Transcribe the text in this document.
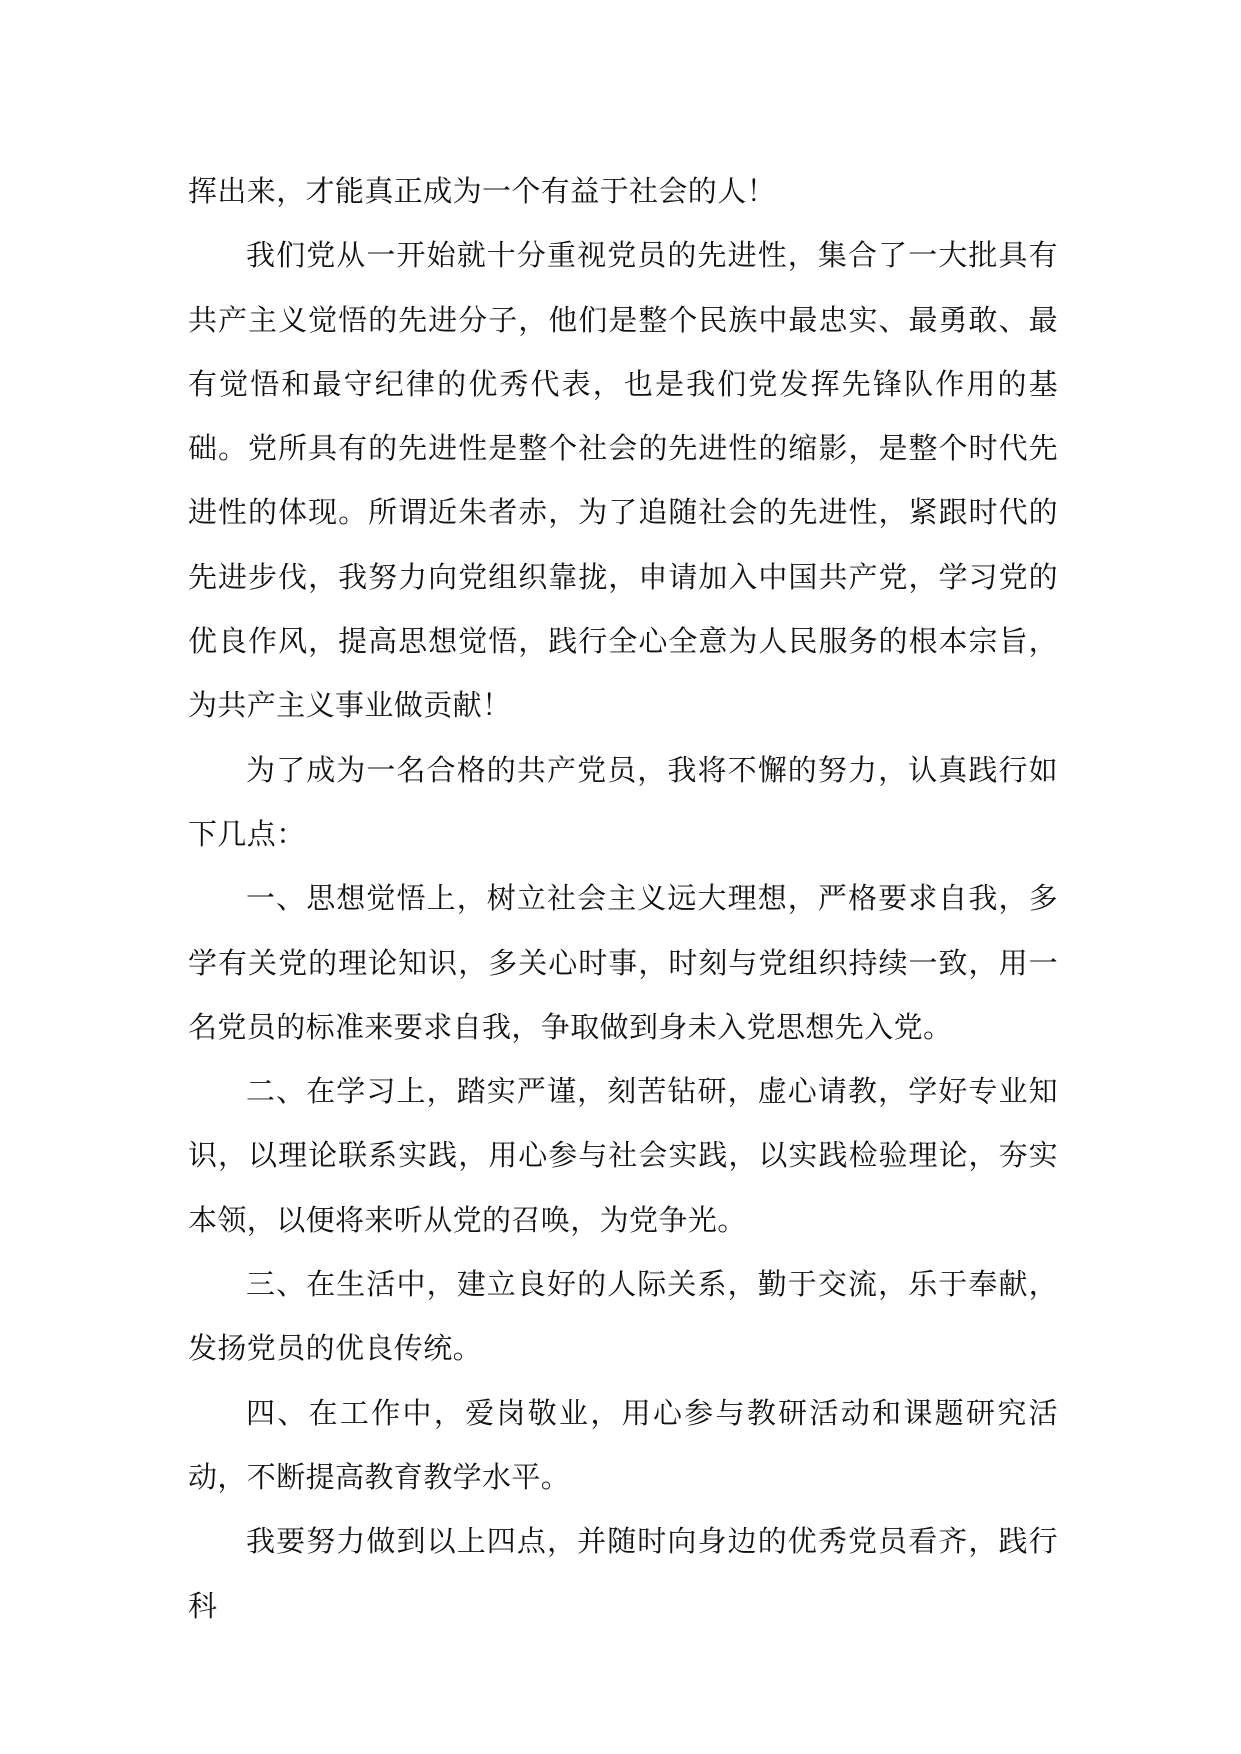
挥出来，才能真正成为一个有益于社会的人！

我们党从一开始就十分重视党员的先进性，集合了一大批具有共产主义觉悟的先进分子，他们是整个民族中最忠实、最勇敢、最有觉悟和最守纪律的优秀代表，也是我们党发挥先锋队作用的基础。党所具有的先进性是整个社会的先进性的缩影，是整个时代先进性的体现。所谓近朱者赤，为了追随社会的先进性，紧跟时代的先进步伐，我努力向党组织靠拢，申请加入中国共产党，学习党的优良作风，提高思想觉悟，践行全心全意为人民服务的根本宗旨，为共产主义事业做贡献！

为了成为一名合格的共产党员，我将不懈的努力，认真践行如下几点：

一、思想觉悟上，树立社会主义远大理想，严格要求自我，多学有关党的理论知识，多关心时事，时刻与党组织持续一致，用一名党员的标准来要求自我，争取做到身未入党思想先入党。

二、在学习上，踏实严谨，刻苦钻研，虚心请教，学好专业知识，以理论联系实践，用心参与社会实践，以实践检验理论，夯实本领，以便将来听从党的召唤，为党争光。

三、在生活中，建立良好的人际关系，勤于交流，乐于奉献，发扬党员的优良传统。

四、在工作中，爱岗敬业，用心参与教研活动和课题研究活动，不断提高教育教学水平。

我要努力做到以上四点，并随时向身边的优秀党员看齐，践行科
